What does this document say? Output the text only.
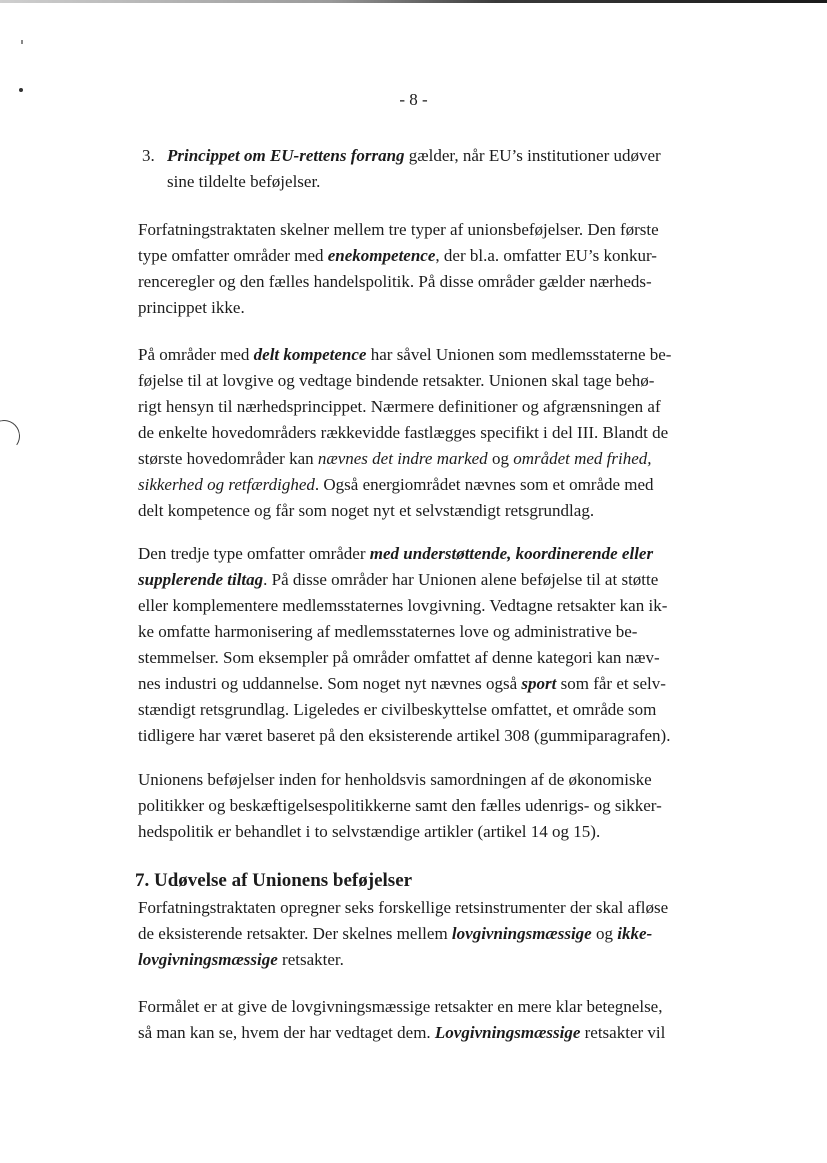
- 8 -

3. Princippet om EU-rettens forrang gælder, når EU’s institutioner udøver
sine tildelte beføjelser.

Forfatningstraktaten skelner mellem tre typer af unionsbeføjelser. Den første
type omfatter områder med enekompetence, der bl.a. omfatter EU’s konkur-
renceregler og den fælles handelspolitik. På disse områder gælder nærheds-
princippet ikke.

På områder med delt kompetence har såvel Unionen som medlemsstaterne be-
føjelse til at lovgive og vedtage bindende retsakter. Unionen skal tage behø-
rigt hensyn til nærhedsprincippet. Nærmere definitioner og afgrænsningen af
de enkelte hovedområders rækkevidde fastlægges specifikt i del III. Blandt de
største hovedområder kan nævnes det indre marked og området med frihed,
sikkerhed og retfærdighed. Også energiområdet nævnes som et område med
delt kompetence og får som noget nyt et selvstændigt retsgrundlag.

Den tredje type omfatter områder med understøttende, koordinerende eller
supplerende tiltag. På disse områder har Unionen alene beføjelse til at støtte
eller komplementere medlemsstaternes lovgivning. Vedtagne retsakter kan ik-
ke omfatte harmonisering af medlemsstaternes love og administrative be-
stemmelser. Som eksempler på områder omfattet af denne kategori kan næv-
nes industri og uddannelse. Som noget nyt nævnes også sport som får et selv-
stændigt retsgrundlag. Ligeledes er civilbeskyttelse omfattet, et område som
tidligere har været baseret på den eksisterende artikel 308 (gummiparagrafen).

Unionens beføjelser inden for henholdsvis samordningen af de økonomiske
politikker og beskæftigelsespolitikkerne samt den fælles udenrigs- og sikker-
hedspolitik er behandlet i to selvstændige artikler (artikel 14 og 15).

7. Udøvelse af Unionens beføjelser

Forfatningstraktaten opregner seks forskellige retsinstrumenter der skal afløse
de eksisterende retsakter. Der skelnes mellem lovgivningsmæssige og ikke-
lovgivningsmæssige retsakter.

Formålet er at give de lovgivningsmæssige retsakter en mere klar betegnelse,
så man kan se, hvem der har vedtaget dem. Lovgivningsmæssige retsakter vil
